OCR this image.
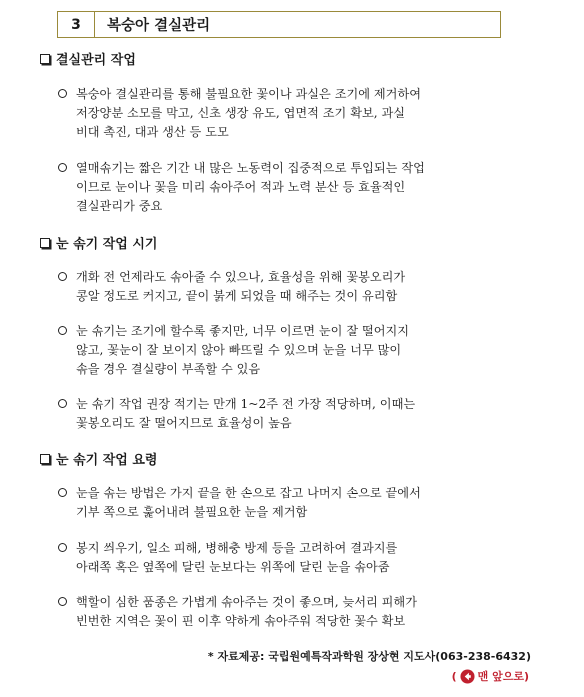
3	복숭아 결실관리
결실관리 작업
복숭아 결실관리를 통해 불필요한 꽃이나 과실은 조기에 제거하여
저장양분 소모를 막고, 신초 생장 유도, 엽면적 조기 확보, 과실
비대 촉진, 대과 생산 등 도모
열매솎기는 짧은 기간 내 많은 노동력이 집중적으로 투입되는 작업
이므로 눈이나 꽃을 미리 솎아주어 적과 노력 분산 등 효율적인
결실관리가 중요
눈 솎기 작업 시기
개화 전 언제라도 솎아줄 수 있으나, 효율성을 위해 꽃봉오리가
콩알 정도로 커지고, 끝이 붉게 되었을 때 해주는 것이 유리함
눈 솎기는 조기에 할수록 좋지만, 너무 이르면 눈이 잘 떨어지지
않고, 꽃눈이 잘 보이지 않아 빠뜨릴 수 있으며 눈을 너무 많이
솎을 경우 결실량이 부족할 수 있음
눈 솎기 작업 권장 적기는 만개 1~2주 전 가장 적당하며, 이때는
꽃봉오리도 잘 떨어지므로 효율성이 높음
눈 솎기 작업 요령
눈을 솎는 방법은 가지 끝을 한 손으로 잡고 나머지 손으로 끝에서
기부 쪽으로 훑어내려 불필요한 눈을 제거함
봉지 씌우기, 일소 피해, 병해충 방제 등을 고려하여 결과지를
아래쪽 혹은 옆쪽에 달린 눈보다는 위쪽에 달린 눈을 솎아줌
핵할이 심한 품종은 가볍게 솎아주는 것이 좋으며, 늦서리 피해가
빈번한 지역은 꽃이 핀 이후 약하게 솎아주워 적당한 꽃수 확보
* 자료제공: 국립원예특작과학원 장상현 지도사(063-238-6432)
( 맨 앞으로 )
